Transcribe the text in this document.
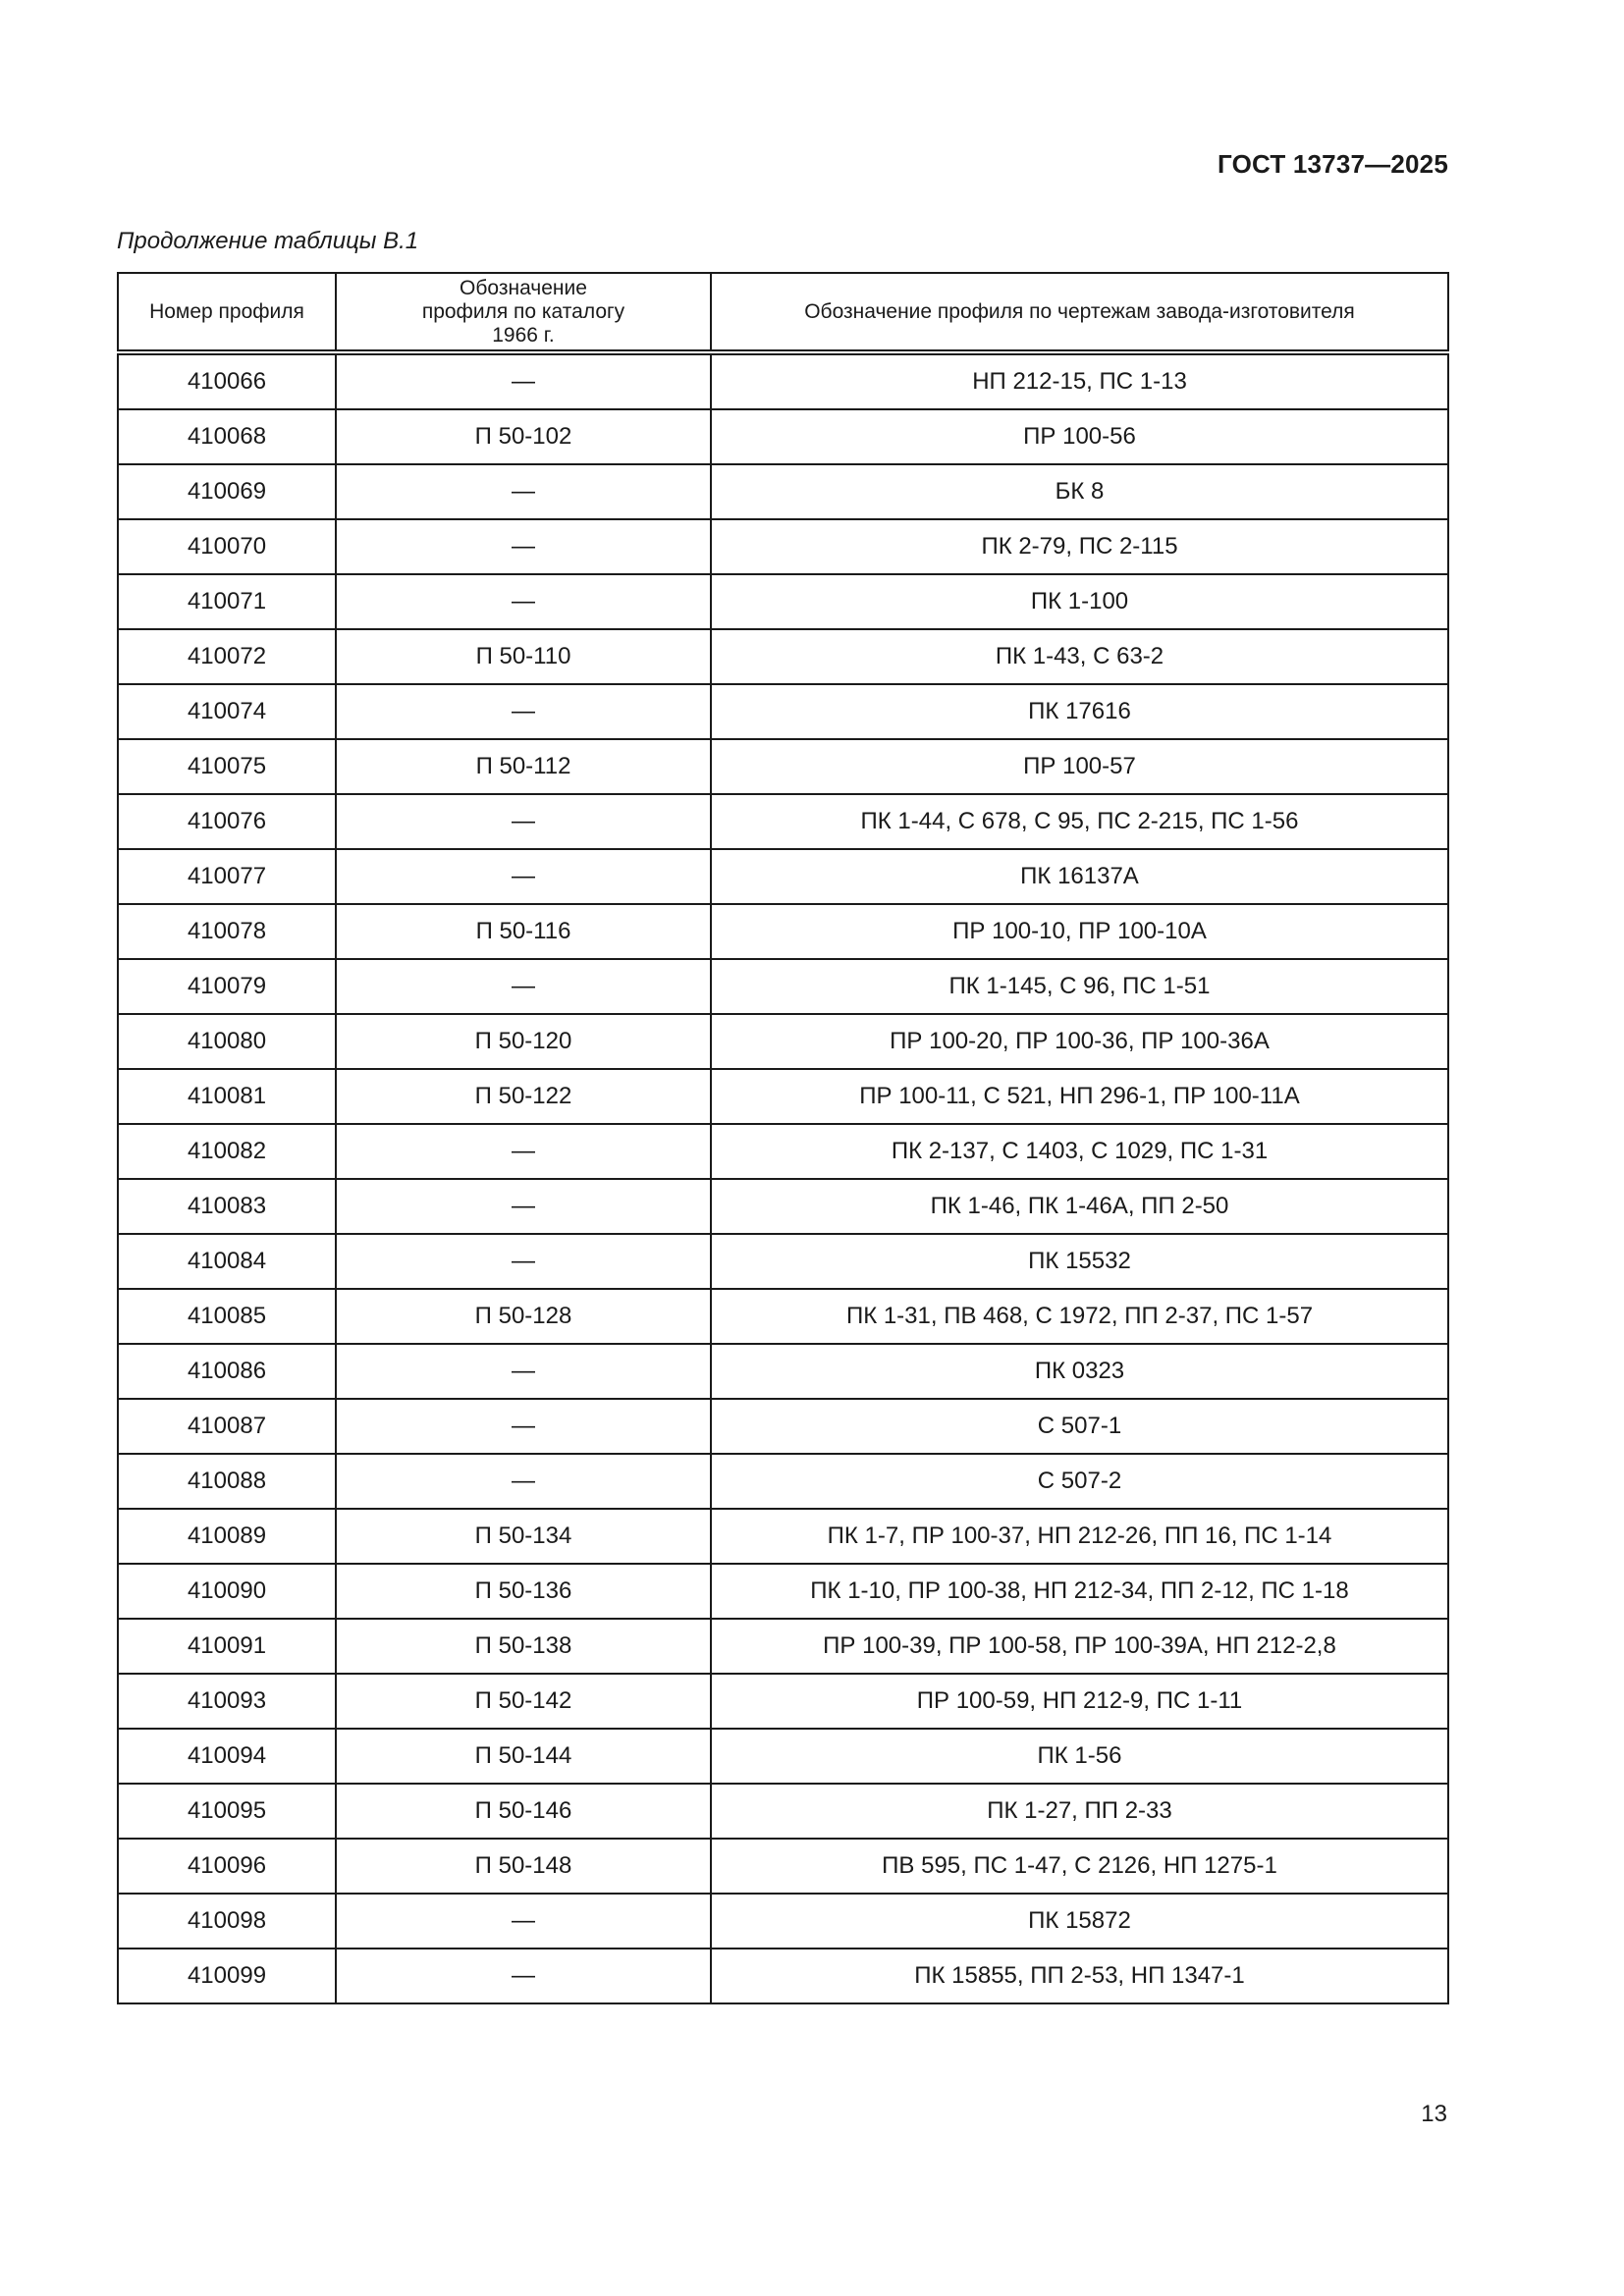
ГОСТ 13737—2025
Продолжение таблицы В.1
Номер профиля	Обозначение профиля по каталогу 1966 г.	Обозначение профиля по чертежам завода-изготовителя
410066	—	НП 212-15, ПС 1-13
410068	П 50-102	ПР 100-56
410069	—	БК 8
410070	—	ПК 2-79, ПС 2-115
410071	—	ПК 1-100
410072	П 50-110	ПК 1-43, С 63-2
410074	—	ПК 17616
410075	П 50-112	ПР 100-57
410076	—	ПК 1-44, С 678, С 95, ПС 2-215, ПС 1-56
410077	—	ПК 16137А
410078	П 50-116	ПР 100-10, ПР 100-10А
410079	—	ПК 1-145, С 96, ПС 1-51
410080	П 50-120	ПР 100-20, ПР 100-36, ПР 100-36А
410081	П 50-122	ПР 100-11, С 521, НП 296-1, ПР 100-11А
410082	—	ПК 2-137, С 1403, С 1029, ПС 1-31
410083	—	ПК 1-46, ПК 1-46А, ПП 2-50
410084	—	ПК 15532
410085	П 50-128	ПК 1-31, ПВ 468, С 1972, ПП 2-37, ПС 1-57
410086	—	ПК 0323
410087	—	С 507-1
410088	—	С 507-2
410089	П 50-134	ПК 1-7, ПР 100-37, НП 212-26, ПП 16, ПС 1-14
410090	П 50-136	ПК 1-10, ПР 100-38, НП 212-34, ПП 2-12, ПС 1-18
410091	П 50-138	ПР 100-39, ПР 100-58, ПР 100-39А, НП 212-2,8
410093	П 50-142	ПР 100-59, НП 212-9, ПС 1-11
410094	П 50-144	ПК 1-56
410095	П 50-146	ПК 1-27, ПП 2-33
410096	П 50-148	ПВ 595, ПС 1-47, С 2126, НП 1275-1
410098	—	ПК 15872
410099	—	ПК 15855, ПП 2-53, НП 1347-1
13
